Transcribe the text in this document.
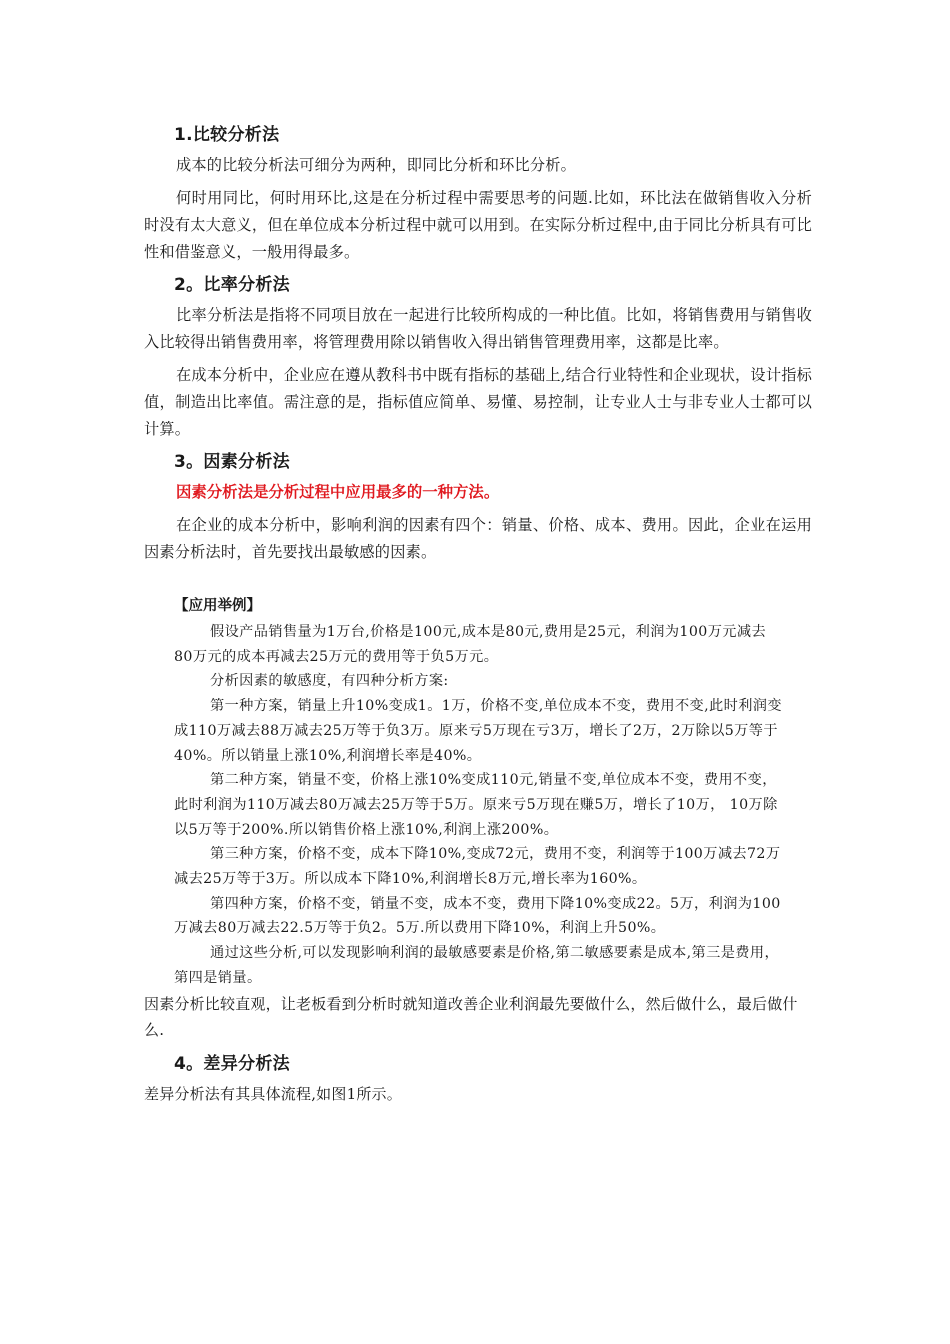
1.比较分析法

成本的比较分析法可细分为两种，即同比分析和环比分析。

何时用同比，何时用环比,这是在分析过程中需要思考的问题.比如，环比法在做销售收入分析时没有太大意义，但在单位成本分析过程中就可以用到。在实际分析过程中,由于同比分析具有可比性和借鉴意义，一般用得最多。

2。比率分析法

比率分析法是指将不同项目放在一起进行比较所构成的一种比值。比如，将销售费用与销售收入比较得出销售费用率，将管理费用除以销售收入得出销售管理费用率，这都是比率。

在成本分析中，企业应在遵从教科书中既有指标的基础上,结合行业特性和企业现状，设计指标值，制造出比率值。需注意的是，指标值应简单、易懂、易控制，让专业人士与非专业人士都可以计算。

3。因素分析法

因素分析法是分析过程中应用最多的一种方法。

在企业的成本分析中，影响利润的因素有四个：销量、价格、成本、费用。因此，企业在运用因素分析法时，首先要找出最敏感的因素。

【应用举例】

假设产品销售量为1万台,价格是100元,成本是80元,费用是25元，利润为100万元减去80万元的成本再减去25万元的费用等于负5万元。

分析因素的敏感度，有四种分析方案:

第一种方案，销量上升10%变成1。1万，价格不变,单位成本不变，费用不变,此时利润变成110万减去88万减去25万等于负3万。原来亏5万现在亏3万，增长了2万，2万除以5万等于40%。所以销量上涨10%,利润增长率是40%。

第二种方案，销量不变，价格上涨10%变成110元,销量不变,单位成本不变，费用不变，此时利润为110万减去80万减去25万等于5万。原来亏5万现在赚5万，增长了10万， 10万除以5万等于200%.所以销售价格上涨10%,利润上涨200%。

第三种方案，价格不变，成本下降10%,变成72元，费用不变，利润等于100万减去72万减去25万等于3万。所以成本下降10%,利润增长8万元,增长率为160%。

第四种方案，价格不变，销量不变，成本不变，费用下降10%变成22。5万，利润为100万减去80万减去22.5万等于负2。5万.所以费用下降10%，利润上升50%。

通过这些分析,可以发现影响利润的最敏感要素是价格,第二敏感要素是成本,第三是费用，第四是销量。

因素分析比较直观，让老板看到分析时就知道改善企业利润最先要做什么，然后做什么，最后做什么.

4。差异分析法

差异分析法有其具体流程,如图1所示。
